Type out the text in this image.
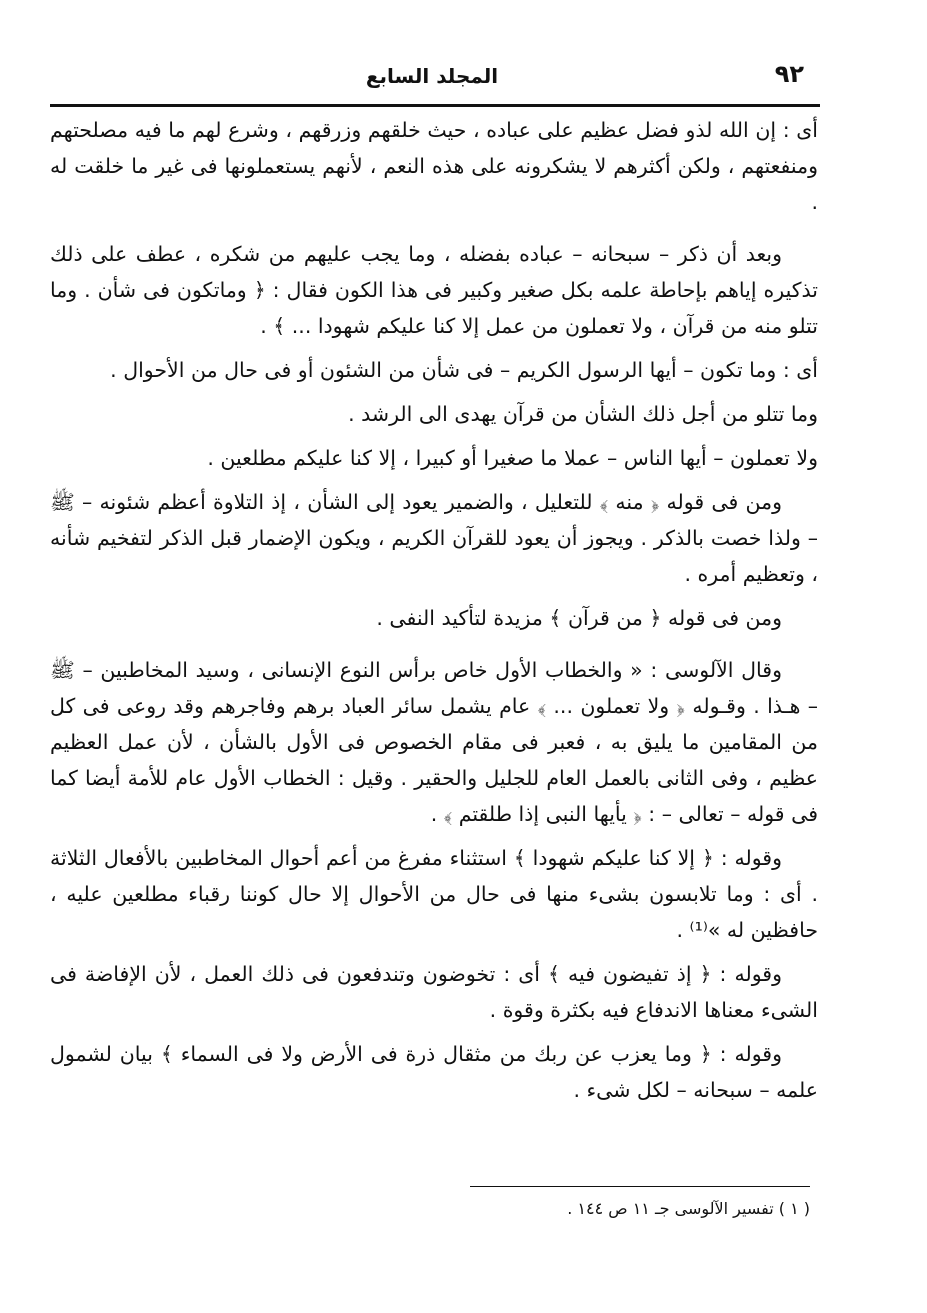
٩٢
المجلد السابع

أى : إن الله لذو فضل عظيم على عباده ، حيث خلقهم وزرقهم ، وشرع لهم ما فيه مصلحتهم ومنفعتهم ، ولكن أكثرهم لا يشكرونه على هذه النعم ، لأنهم يستعملونها فى غير ما خلقت له .

وبعد أن ذكر – سبحانه – عباده بفضله ، وما يجب عليهم من شكره ، عطف على ذلك تذكيره إياهم بإحاطة علمه بكل صغير وكبير فى هذا الكون فقال : ﴿ وماتكون فى شأن . وما تتلو منه من قرآن ، ولا تعملون من عمل إلا كنا عليكم شهودا ... ﴾ .

أى : وما تكون – أيها الرسول الكريم – فى شأن من الشئون أو فى حال من الأحوال .

وما تتلو من أجل ذلك الشأن من قرآن يهدى الى الرشد .

ولا تعملون – أيها الناس – عملا ما صغيرا أو كبيرا ، إلا كنا عليكم مطلعين .

ومن فى قوله ﴿ منه ﴾ للتعليل ، والضمير يعود إلى الشأن ، إذ التلاوة أعظم شئونه – ﷺ – ولذا خصت بالذكر . ويجوز أن يعود للقرآن الكريم ، ويكون الإضمار قبل الذكر لتفخيم شأنه ، وتعظيم أمره .

ومن فى قوله ﴿ من قرآن ﴾ مزيدة لتأكيد النفى .

وقال الآلوسى : « والخطاب الأول خاص برأس النوع الإنسانى ، وسيد المخاطبين – ﷺ – هـذا . وقـوله ﴿ ولا تعملون ... ﴾ عام يشمل سائر العباد برهم وفاجرهم وقد روعى فى كل من المقامين ما يليق به ، فعبر فى مقام الخصوص فى الأول بالشأن ، لأن عمل العظيم عظيم ، وفى الثانى بالعمل العام للجليل والحقير . وقيل : الخطاب الأول عام للأمة أيضا كما فى قوله – تعالى – : ﴿ يأيها النبى إذا طلقتم ﴾ .

وقوله : ﴿ إلا كنا عليكم شهودا ﴾ استثناء مفرغ من أعم أحوال المخاطبين بالأفعال الثلاثة . أى : وما تلابسون بشىء منها فى حال من الأحوال إلا حال كوننا رقباء مطلعين عليه ، حافظين له »⁽¹⁾ .

وقوله : ﴿ إذ تفيضون فيه ﴾ أى : تخوضون وتندفعون فى ذلك العمل ، لأن الإفاضة فى الشىء معناها الاندفاع فيه بكثرة وقوة .

وقوله : ﴿ وما يعزب عن ربك من مثقال ذرة فى الأرض ولا فى السماء ﴾ بيان لشمول علمه – سبحانه – لكل شىء .

( ١ ) تفسير الآلوسى جـ ١١ ص ١٤٤ .
